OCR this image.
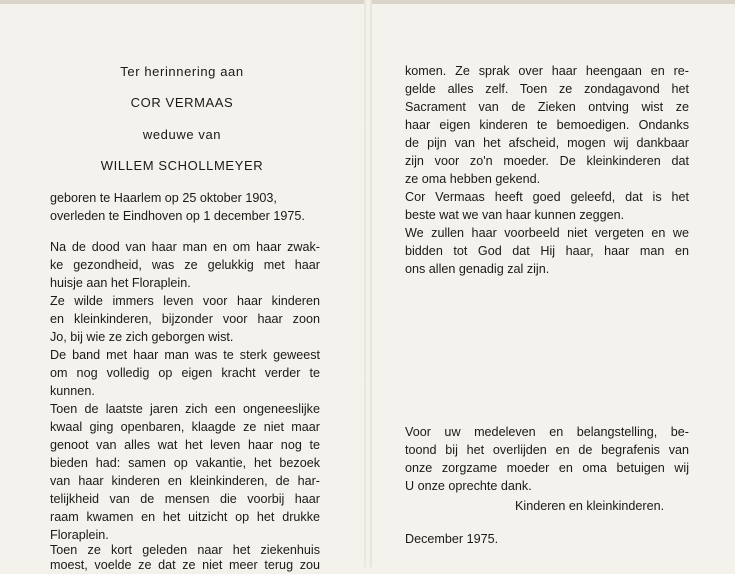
Ter herinnering aan
COR VERMAAS
weduwe van
WILLEM SCHOLLMEYER
geboren te Haarlem op 25 oktober 1903,
overleden te Eindhoven op 1 december 1975.
Na de dood van haar man en om haar zwak-
ke gezondheid, was ze gelukkig met haar
huisje aan het Floraplein.
Ze wilde immers leven voor haar kinderen
en kleinkinderen, bijzonder voor haar zoon
Jo, bij wie ze zich geborgen wist.
De band met haar man was te sterk geweest
om nog volledig op eigen kracht verder te
kunnen.
Toen de laatste jaren zich een ongeneeslijke
kwaal ging openbaren, klaagde ze niet maar
genoot van alles wat het leven haar nog te
bieden had: samen op vakantie, het bezoek
van haar kinderen en kleinkinderen, de har-
telijkheid van de mensen die voorbij haar
raam kwamen en het uitzicht op het drukke
Floraplein.
Toen ze kort geleden naar het ziekenhuis
moest, voelde ze dat ze niet meer terug zou
komen. Ze sprak over haar heengaan en re-
gelde alles zelf. Toen ze zondagavond het
Sacrament van de Zieken ontving wist ze
haar eigen kinderen te bemoedigen. Ondanks
de pijn van het afscheid, mogen wij dankbaar
zijn voor zo'n moeder. De kleinkinderen dat
ze oma hebben gekend.
Cor Vermaas heeft goed geleefd, dat is het
beste wat we van haar kunnen zeggen.
We zullen haar voorbeeld niet vergeten en we
bidden tot God dat Hij haar, haar man en
ons allen genadig zal zijn.
Voor uw medeleven en belangstelling, be-
toond bij het overlijden en de begrafenis van
onze zorgzame moeder en oma betuigen wij
U onze oprechte dank.
Kinderen en kleinkinderen.
December 1975.
